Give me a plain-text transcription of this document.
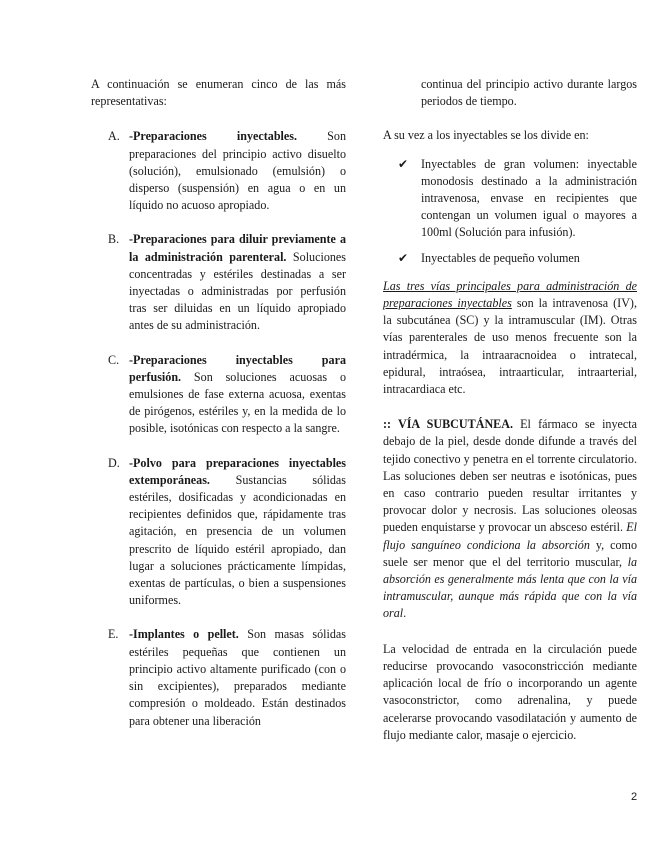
A continuación se enumeran cinco de las más representativas:

A. -Preparaciones inyectables. Son preparaciones del principio activo disuelto (solución), emulsionado (emulsión) o disperso (suspensión) en agua o en un líquido no acuoso apropiado.
B. -Preparaciones para diluir previamente a la administración parenteral. Soluciones concentradas y estériles destinadas a ser inyectadas o administradas por perfusión tras ser diluidas en un líquido apropiado antes de su administración.
C. -Preparaciones inyectables para perfusión. Son soluciones acuosas o emulsiones de fase externa acuosa, exentas de pirógenos, estériles y, en la medida de lo posible, isotónicas con respecto a la sangre.
D. -Polvo para preparaciones inyectables extemporáneas. Sustancias sólidas estériles, dosificadas y acondicionadas en recipientes definidos que, rápidamente tras agitación, en presencia de un volumen prescrito de líquido estéril apropiado, dan lugar a soluciones prácticamente límpidas, exentas de partículas, o bien a suspensiones uniformes.
E. -Implantes o pellet. Son masas sólidas estériles pequeñas que contienen un principio activo altamente purificado (con o sin excipientes), preparados mediante compresión o moldeado. Están destinados para obtener una liberación

continua del principio activo durante largos periodos de tiempo.

A su vez a los inyectables se los divide en:

✔ Inyectables de gran volumen: inyectable monodosis destinado a la administración intravenosa, envase en recipientes que contengan un volumen igual o mayores a 100ml (Solución para infusión).
✔ Inyectables de pequeño volumen

Las tres vías principales para administración de preparaciones inyectables son la intravenosa (IV), la subcutánea (SC) y la intramuscular (IM). Otras vías parenterales de uso menos frecuente son la intradérmica, la intraaracnoidea o intratecal, epidural, intraósea, intraarticular, intraarterial, intracardiaca etc.

:: VÍA SUBCUTÁNEA. El fármaco se inyecta debajo de la piel, desde donde difunde a través del tejido conectivo y penetra en el torrente circulatorio. Las soluciones deben ser neutras e isotónicas, pues en caso contrario pueden resultar irritantes y provocar dolor y necrosis. Las soluciones oleosas pueden enquistarse y provocar un absceso estéril. El flujo sanguíneo condiciona la absorción y, como suele ser menor que el del territorio muscular, la absorción es generalmente más lenta que con la vía intramuscular, aunque más rápida que con la vía oral.

La velocidad de entrada en la circulación puede reducirse provocando vasoconstricción mediante aplicación local de frío o incorporando un agente vasoconstrictor, como adrenalina, y puede acelerarse provocando vasodilatación y aumento de flujo mediante calor, masaje o ejercicio.

2
